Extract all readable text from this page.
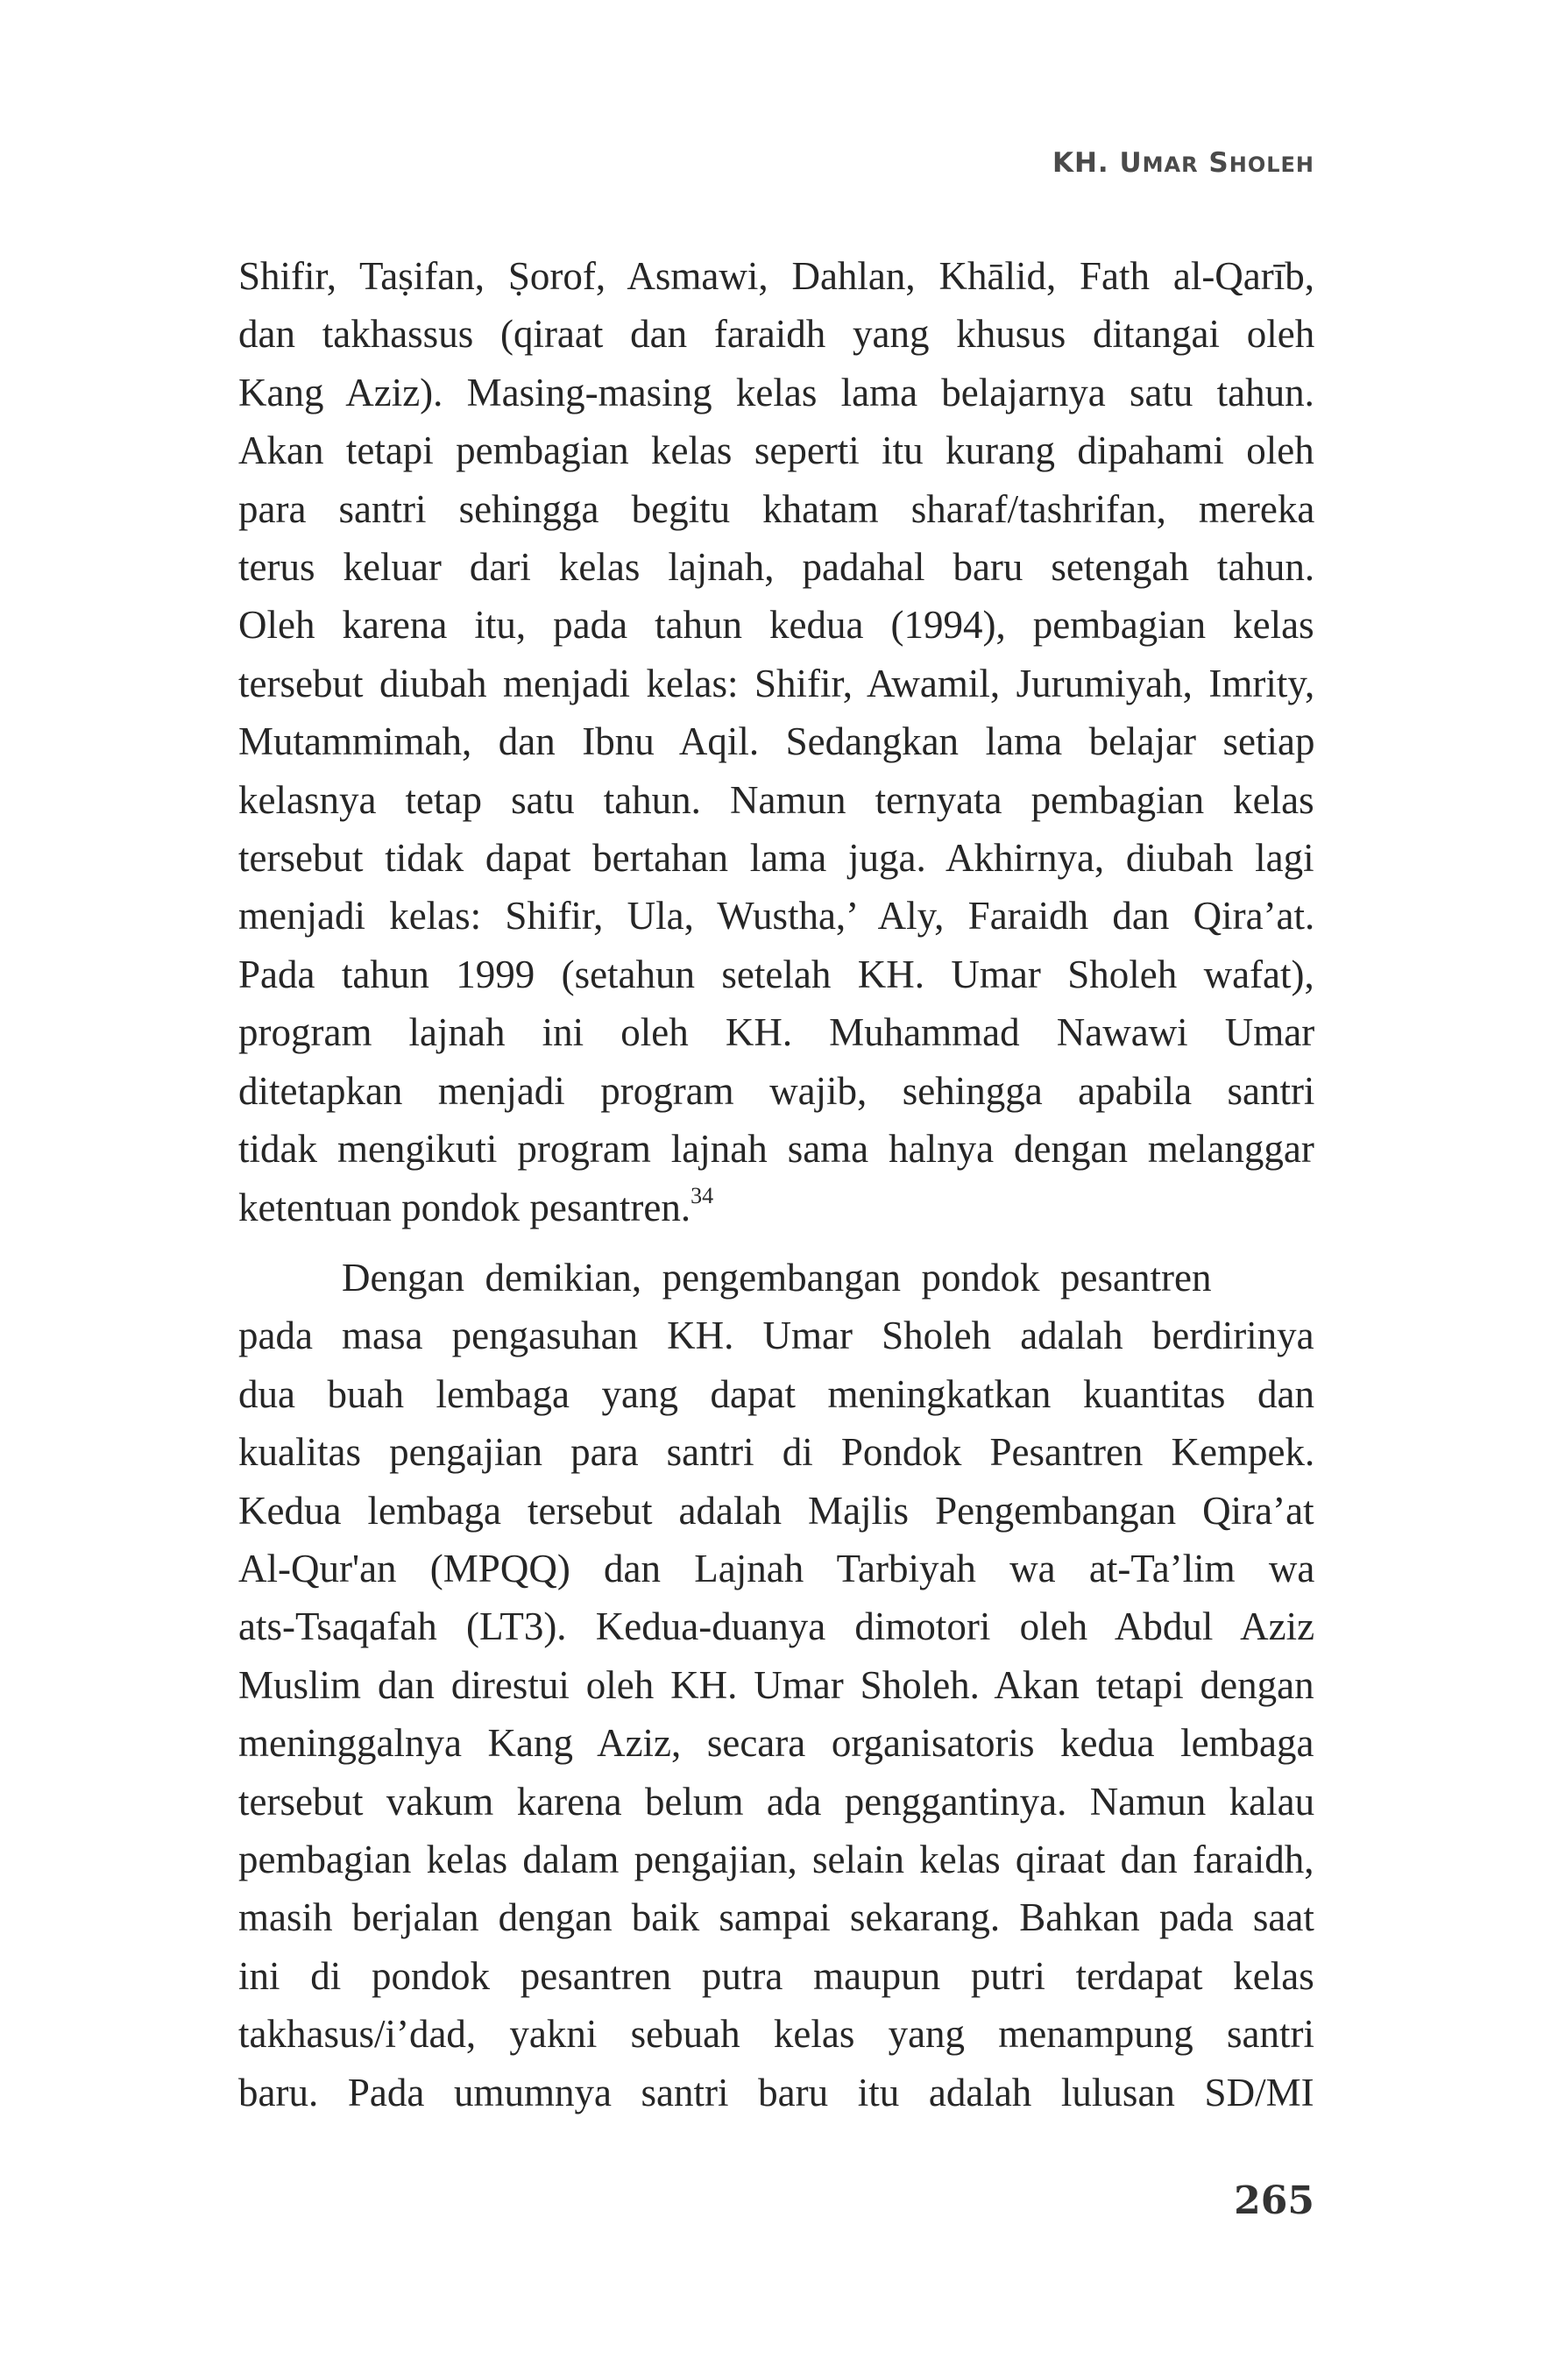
KH. UMAR SHOLEH

Shifir, Taṣifan, Ṣorof, Asmawi, Dahlan, Khālid, Fath al-Qarīb,
dan takhassus (qiraat dan faraidh yang khusus ditangai oleh
Kang Aziz). Masing-masing kelas lama belajarnya satu tahun.
Akan tetapi pembagian kelas seperti itu kurang dipahami oleh
para santri sehingga begitu khatam sharaf/tashrifan, mereka
terus keluar dari kelas lajnah, padahal baru setengah tahun.
Oleh karena itu, pada tahun kedua (1994), pembagian kelas
tersebut diubah menjadi kelas: Shifir, Awamil, Jurumiyah, Imrity,
Mutammimah, dan Ibnu Aqil. Sedangkan lama belajar setiap
kelasnya tetap satu tahun. Namun ternyata pembagian kelas
tersebut tidak dapat bertahan lama juga. Akhirnya, diubah lagi
menjadi kelas: Shifir, Ula, Wustha,’ Aly, Faraidh dan Qira’at.
Pada tahun 1999 (setahun setelah KH. Umar Sholeh wafat),
program lajnah ini oleh KH. Muhammad Nawawi Umar
ditetapkan menjadi program wajib, sehingga apabila santri
tidak mengikuti program lajnah sama halnya dengan melanggar
ketentuan pondok pesantren.$^{34}$

Dengan demikian, pengembangan pondok pesantren
pada masa pengasuhan KH. Umar Sholeh adalah berdirinya
dua buah lembaga yang dapat meningkatkan kuantitas dan
kualitas pengajian para santri di Pondok Pesantren Kempek.
Kedua lembaga tersebut adalah Majlis Pengembangan Qira’at
Al-Qur'an (MPQQ) dan Lajnah Tarbiyah wa at-Ta’lim wa
ats-Tsaqafah (LT3). Kedua-duanya dimotori oleh Abdul Aziz
Muslim dan direstui oleh KH. Umar Sholeh. Akan tetapi dengan
meninggalnya Kang Aziz, secara organisatoris kedua lembaga
tersebut vakum karena belum ada penggantinya. Namun kalau
pembagian kelas dalam pengajian, selain kelas qiraat dan faraidh,
masih berjalan dengan baik sampai sekarang. Bahkan pada saat
ini di pondok pesantren putra maupun putri terdapat kelas
takhasus/i’dad, yakni sebuah kelas yang menampung santri
baru. Pada umumnya santri baru itu adalah lulusan SD/MI

265
